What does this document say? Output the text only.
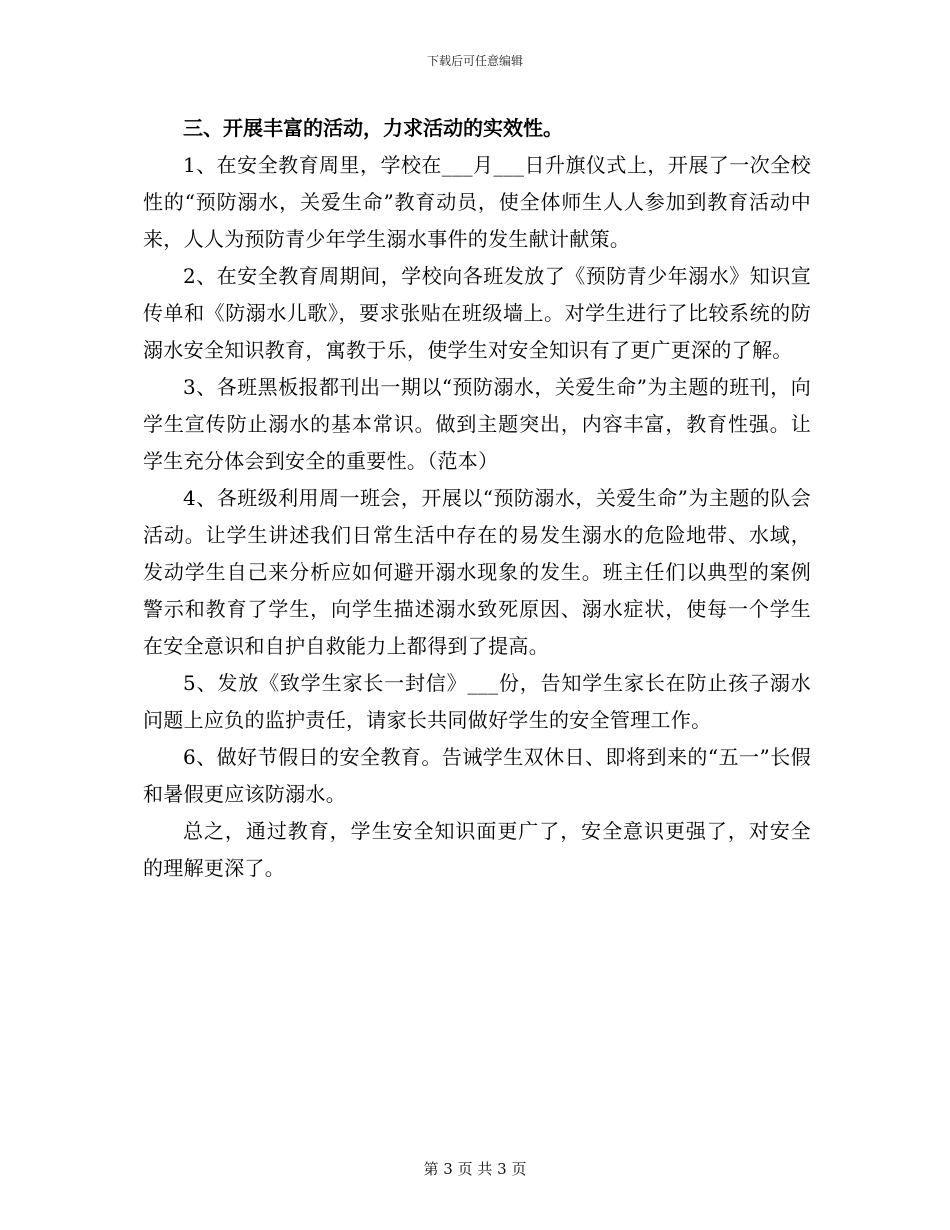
下载后可任意编辑
三、开展丰富的活动，力求活动的实效性。

1、在安全教育周里，学校在___月___日升旗仪式上，开展了一次全校性的“预防溺水，关爱生命”教育动员，使全体师生人人参加到教育活动中来，人人为预防青少年学生溺水事件的发生献计献策。

2、在安全教育周期间，学校向各班发放了《预防青少年溺水》知识宣传单和《防溺水儿歌》，要求张贴在班级墙上。对学生进行了比较系统的防溺水安全知识教育，寓教于乐，使学生对安全知识有了更广更深的了解。

3、各班黑板报都刊出一期以“预防溺水，关爱生命”为主题的班刊，向学生宣传防止溺水的基本常识。做到主题突出，内容丰富，教育性强。让学生充分体会到安全的重要性。（范本）

4、各班级利用周一班会，开展以“预防溺水，关爱生命”为主题的队会活动。让学生讲述我们日常生活中存在的易发生溺水的危险地带、水域，发动学生自己来分析应如何避开溺水现象的发生。班主任们以典型的案例警示和教育了学生，向学生描述溺水致死原因、溺水症状，使每一个学生在安全意识和自护自救能力上都得到了提高。

5、发放《致学生家长一封信》___份，告知学生家长在防止孩子溺水问题上应负的监护责任，请家长共同做好学生的安全管理工作。

6、做好节假日的安全教育。告诫学生双休日、即将到来的“五一”长假和暑假更应该防溺水。

总之，通过教育，学生安全知识面更广了，安全意识更强了，对安全的理解更深了。

第 3 页 共 3 页
